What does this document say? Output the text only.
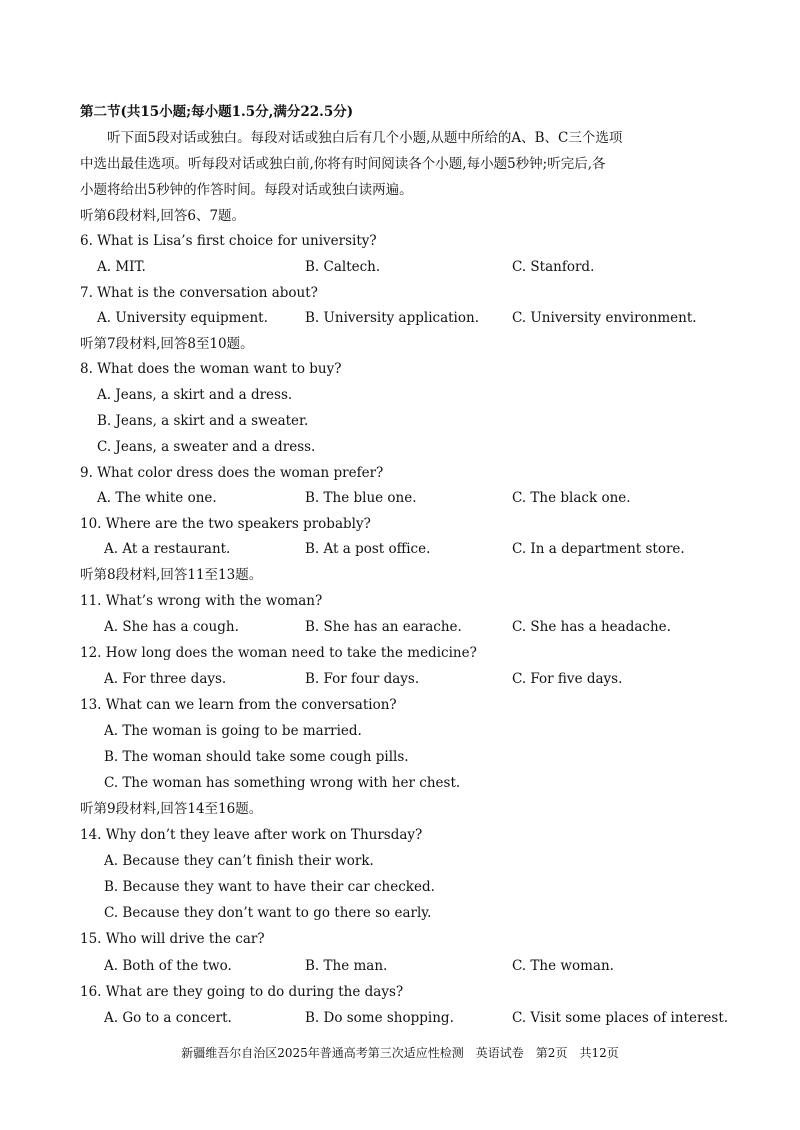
第二节(共15小题;每小题1.5分,满分22.5分)
听下面5段对话或独白。每段对话或独白后有几个小题,从题中所给的A、B、C三个选项
中选出最佳选项。听每段对话或独白前,你将有时间阅读各个小题,每小题5秒钟;听完后,各
小题将给出5秒钟的作答时间。每段对话或独白读两遍。
听第6段材料,回答6、7题。
6. What is Lisa’s first choice for university?
A. MIT.	B. Caltech.	C. Stanford.
7. What is the conversation about?
A. University equipment.	B. University application. C. University environment.
听第7段材料,回答8至10题。
8. What does the woman want to buy?
A. Jeans, a skirt and a dress.
B. Jeans, a skirt and a sweater.
C. Jeans, a sweater and a dress.
9. What color dress does the woman prefer?
A. The white one.	B. The blue one.	C. The black one.
10. Where are the two speakers probably?
A. At a restaurant.	B. At a post office.	C. In a department store.
听第8段材料,回答11至13题。
11. What’s wrong with the woman?
A. She has a cough.	B. She has an earache.	C. She has a headache.
12. How long does the woman need to take the medicine?
A. For three days.	B. For four days.	C. For five days.
13. What can we learn from the conversation?
A. The woman is going to be married.
B. The woman should take some cough pills.
C. The woman has something wrong with her chest.
听第9段材料,回答14至16题。
14. Why don’t they leave after work on Thursday?
A. Because they can’t finish their work.
B. Because they want to have their car checked.
C. Because they don’t want to go there so early.
15. Who will drive the car?
A. Both of the two.	B. The man.	C. The woman.
16. What are they going to do during the days?
A. Go to a concert.	B. Do some shopping.	C. Visit some places of interest.
新疆维吾尔自治区2025年普通高考第三次适应性检测　英语试卷　第2页　共12页
